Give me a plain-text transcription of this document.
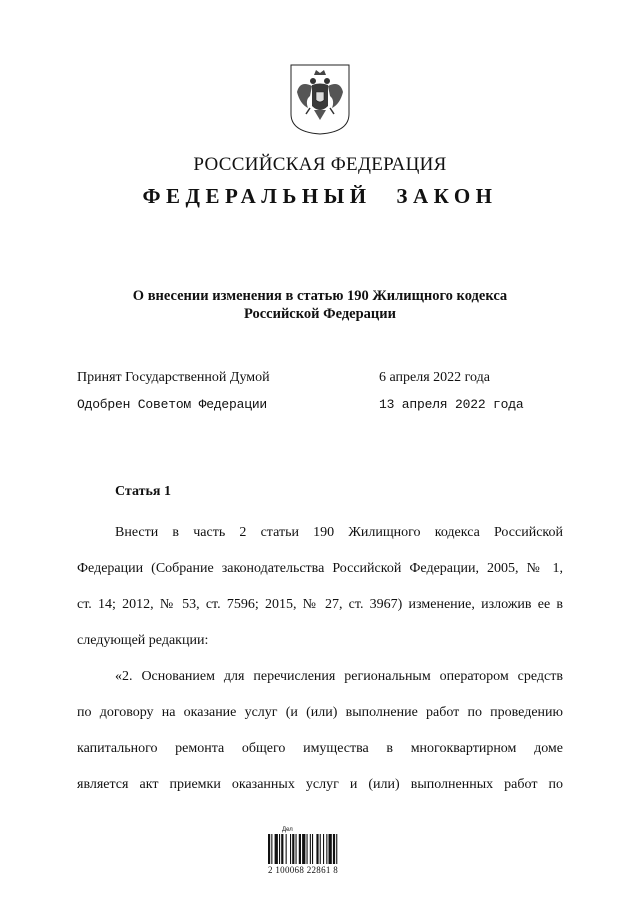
РОССИЙСКАЯ ФЕДЕРАЦИЯ
ФЕДЕРАЛЬНЫЙ ЗАКОН
О внесении изменения в статью 190 Жилищного кодекса
Российской Федерации
Принят Государственной Думой	6 апреля 2022 года
Одобрен Советом Федерации	13 апреля 2022 года
Статья 1
Внести в часть 2 статьи 190 Жилищного кодекса Российской
Федерации (Собрание законодательства Российской Федерации, 2005, № 1,
ст. 14; 2012, № 53, ст. 7596; 2015, № 27, ст. 3967) изменение, изложив ее в
следующей редакции:
«2. Основанием для перечисления региональным оператором средств
по договору на оказание услуг (и (или) выполнение работ по проведению
капитального ремонта общего имущества в многоквартирном доме
является акт приемки оказанных услуг и (или) выполненных работ по
Дел
2 100068 22861 8
